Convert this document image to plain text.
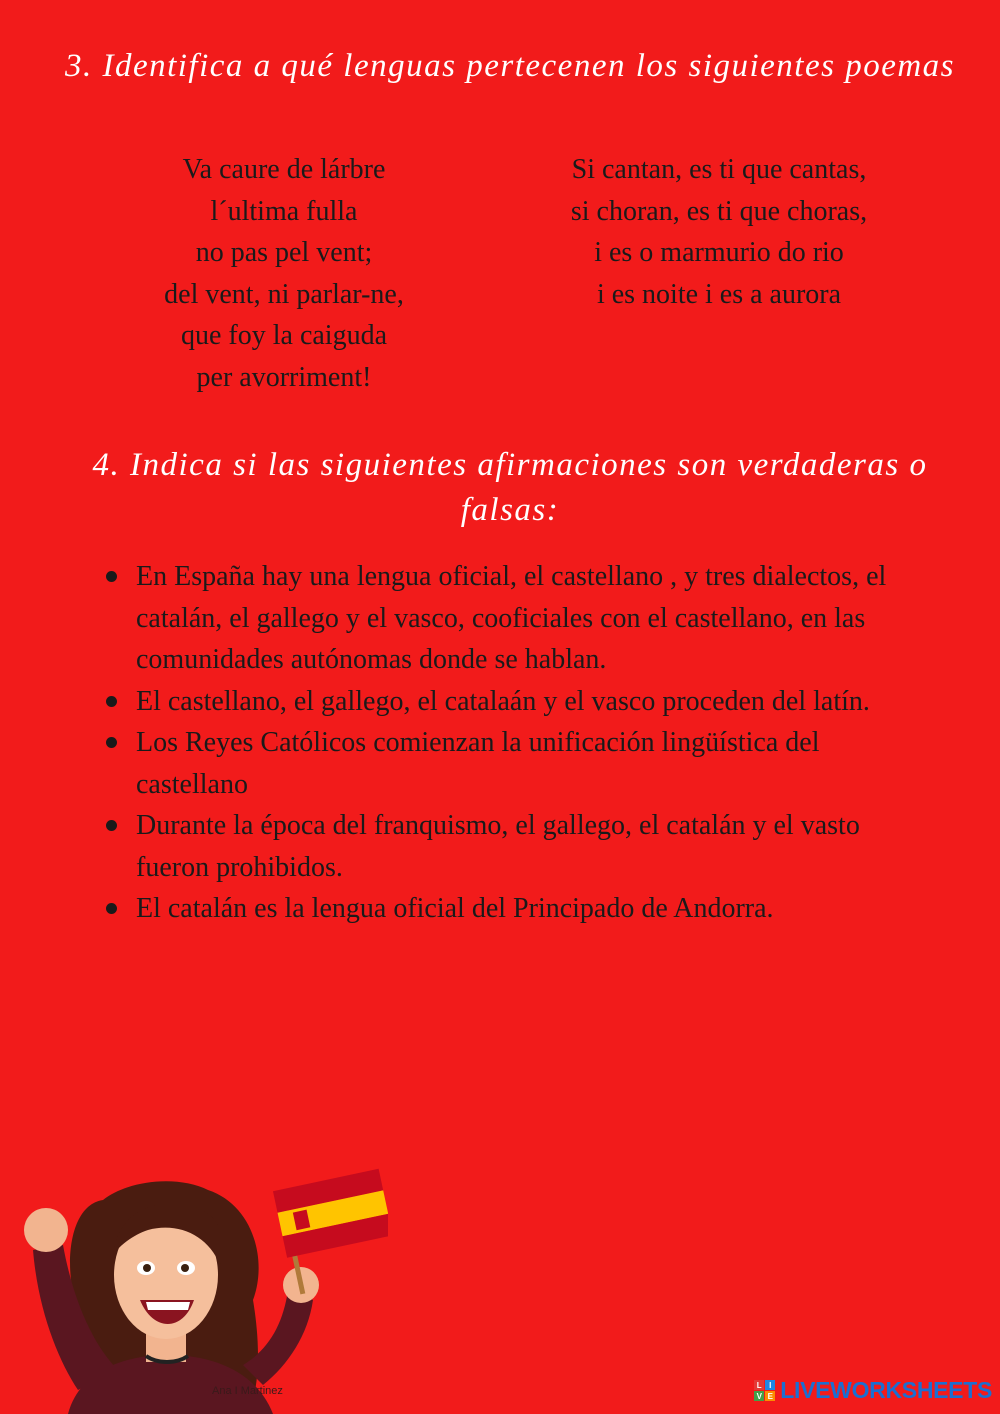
3. Identifica a qué lenguas pertecenen los siguientes poemas
Va caure de lárbre
l´ultima fulla
no pas pel vent;
del vent, ni parlar-ne,
que foy la caiguda
per avorriment!
Si cantan, es ti que cantas,
si choran, es ti que choras,
i es o marmurio do rio
i es noite i es a aurora
4. Indica si las siguientes afirmaciones son verdaderas o falsas:
En España hay una lengua oficial, el castellano , y tres dialectos, el catalán, el gallego y el vasco, cooficiales con el castellano, en las comunidades autónomas donde se hablan.
El castellano, el gallego, el catalaán y el vasco proceden del latín.
Los Reyes Católicos comienzan la unificación lingüística del castellano
Durante la época del franquismo, el gallego, el catalán y el vasto fueron prohibidos.
El catalán es la lengua oficial del Principado de Andorra.
Ana I Martinez	L I
V E LIVEWORKSHEETS
